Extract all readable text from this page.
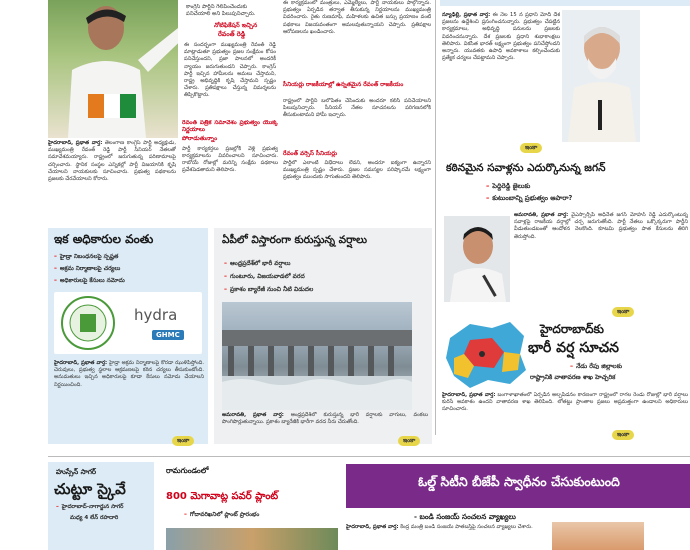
కాంగ్రెస్ పార్టీని గెలిపించేందుకు
పనిచేయాలి అని పిలుపునిచ్చారు.
నోటిఫికేషన్ ఇచ్చిన
రేవంత్ రెడ్డి
ఈ సందర్భంగా ముఖ్యమంత్రి రేవంత్ రెడ్డి మాట్లాడుతూ ప్రభుత్వం ప్రజల సంక్షేమం కోసం పనిచేస్తుందని, ప్రజా పాలనలో అందరికీ న్యాయం జరుగుతుందని చెప్పారు. కాంగ్రెస్ పార్టీ ఇచ్చిన హామీలను అమలు చేస్తామని, రాష్ట్ర అభివృద్ధికి కృషి చేస్తామని స్పష్టం చేశారు. ప్రతిపక్షాలు చేస్తున్న విమర్శలను తిప్పికొట్టారు.
హైదరాబాద్, ప్రభాత వార్త: తెలంగాణ కాంగ్రెస్ పార్టీ అధ్యక్షుడు, ముఖ్యమంత్రి రేవంత్ రెడ్డి పార్టీ సీనియర్ నేతలతో సమావేశమయ్యారు. రాష్ట్రంలో జరుగుతున్న పరిణామాలపై చర్చించారు. స్థానిక సంస్థల ఎన్నికల్లో పార్టీ విజయానికి కృషి చేయాలని నాయకులకు సూచించారు. ప్రభుత్వ పథకాలను ప్రజలకు చేరవేయాలని కోరారు.
రేవంత్ పత్రిక సమావేశం ప్రభుత్వం యొక్క నిర్ణయాలు
పోరాడుతున్నాం
పార్టీ కార్యకర్తలు ప్రజల్లోకి వెళ్లి ప్రభుత్వ కార్యక్రమాలను వివరించాలని సూచించారు. రాబోయే రోజుల్లో మరిన్ని సంక్షేమ పథకాలు ప్రవేశపెడతామని తెలిపారు.
ఈ కార్యక్రమంలో మంత్రులు, ఎమ్మెల్యేలు, పార్టీ నాయకులు పాల్గొన్నారు. ప్రభుత్వం ఏర్పడిన తర్వాత తీసుకున్న నిర్ణయాలను ముఖ్యమంత్రి వివరించారు. రైతు రుణమాఫీ, మహిళలకు ఉచిత బస్సు ప్రయాణం వంటి పథకాలు విజయవంతంగా అమలవుతున్నాయని చెప్పారు. ప్రతిపక్షాల ఆరోపణలను ఖండించారు.
సీనియర్లు రాజకీయాల్లో ఉన్నతమైన రేవంత్ రాజకీయం
రాష్ట్రంలో పార్టీని బలోపేతం చేసేందుకు అందరూ కలిసి పనిచేయాలని పిలుపునిచ్చారు. సీనియర్ నేతల సూచనలను పరిగణనలోకి తీసుకుంటామని హామీ ఇచ్చారు.
రేవంత్ వర్సెస్ సీనియర్లు
పార్టీలో ఎలాంటి విభేదాలు లేవని, అందరూ ఐక్యంగా ఉన్నారని ముఖ్యమంత్రి స్పష్టం చేశారు. ప్రజల సమస్యల పరిష్కారమే లక్ష్యంగా ప్రభుత్వం ముందుకు సాగుతుందని తెలిపారు.
న్యూఢిల్లీ, ప్రభాత వార్త: ఈ నెల 15 న ప్రధాని మోదీ దేశ ప్రజలను ఉద్దేశించి ప్రసంగించనున్నారు. ప్రభుత్వం చేపట్టిన కార్యక్రమాలు, అభివృద్ధి పనులను ప్రజలకు వివరించనున్నారు. దేశ ప్రజలకు ప్రధాని శుభాకాంక్షలు తెలిపారు. వికసిత భారత్ లక్ష్యంగా ప్రభుత్వం పనిచేస్తోందని అన్నారు. యువతకు ఉపాధి అవకాశాలు కల్పించేందుకు ప్రత్యేక చర్యలు చేపట్టామని చెప్పారు.
ఇంకా
కఠినమైన సవాళ్లను ఎదుర్కొనున్న జగన్
– పెద్దిరెడ్డి జైలుకు
– కుటుంబాన్ని ప్రభుత్వం ఆపారా?
అమరావతి, ప్రభాత వార్త: వైఎస్సార్సీపీ అధినేత జగన్ మోహన్ రెడ్డి ఎదుర్కొంటున్న సవాళ్లపై రాజకీయ వర్గాల్లో చర్చ జరుగుతోంది. పార్టీ నేతలు ఒక్కొక్కరుగా పార్టీని వీడుతుండటంతో ఆందోళన నెలకొంది. కూటమి ప్రభుత్వం పాత కేసులను తిరిగి తెరుస్తోంది.
ఇంకా
హైదరాబాద్‌కు
భారీ వర్ష సూచన
– నేడు రేపు జిల్లాలకు
రాష్ట్రానికి వాతావరణ శాఖ హెచ్చరిక
హైదరాబాద్, ప్రభాత వార్త: బంగాళాఖాతంలో ఏర్పడిన అల్పపీడనం కారణంగా రాష్ట్రంలో రాగల రెండు రోజుల్లో భారీ వర్షాలు కురిసే అవకాశం ఉందని వాతావరణ శాఖ తెలిపింది. లోతట్టు ప్రాంతాల ప్రజలు అప్రమత్తంగా ఉండాలని అధికారులు సూచించారు.
ఇంకా
ఇక అధికారుల వంతు
– హైడ్రా నిబంధనలపై స్పష్టత
– అక్రమ నిర్మాణాలపై చర్యలు
– అధికారులపై కేసులు నమోదు
hydra
GHMC
హైదరాబాద్, ప్రభాత వార్త: హైడ్రా అక్రమ నిర్మాణాలపై కొరడా ఝుళిపిస్తోంది. చెరువులు, ప్రభుత్వ స్థలాల ఆక్రమణలపై కఠిన చర్యలు తీసుకుంటోంది. అనుమతులు ఇచ్చిన అధికారులపై కూడా కేసులు నమోదు చేయాలని నిర్ణయించింది.
ఇంకా
ఏపీలో విస్తారంగా కురుస్తున్న వర్షాలు
– ఆంధ్రప్రదేశ్‌లో భారీ వర్షాలు
– గుంటూరు, విజయవాడలో వరద
– ప్రకాశం బ్యారేజీ నుంచి నీటి విడుదల
అమరావతి, ప్రభాత వార్త: ఆంధ్రప్రదేశ్‌లో కురుస్తున్న భారీ వర్షాలకు వాగులు, వంకలు పొంగిపొర్లుతున్నాయి. ప్రకాశం బ్యారేజీకి భారీగా వరద నీరు చేరుతోంది.
ఇంకా
హుస్సేన్ సాగర్
చుట్టూ స్కైవే
– హైదరాబాద్-నాగార్జున సాగర్
మధ్య 4 లేన్ రహదారి
రామగుండంలో
800 మెగావాట్ల పవర్ ప్లాంట్
– గోదావరిఖనిలో ప్లాంట్ ప్రారంభం
ఓల్డ్ సిటీని బీజేపీ స్వాధీనం చేసుకుంటుంది
- బండి సంజయ్ సంచలన వ్యాఖ్యలు
హైదరాబాద్, ప్రభాత వార్త: కేంద్ర మంత్రి బండి సంజయ్ పాతబస్తీపై సంచలన వ్యాఖ్యలు చేశారు.
